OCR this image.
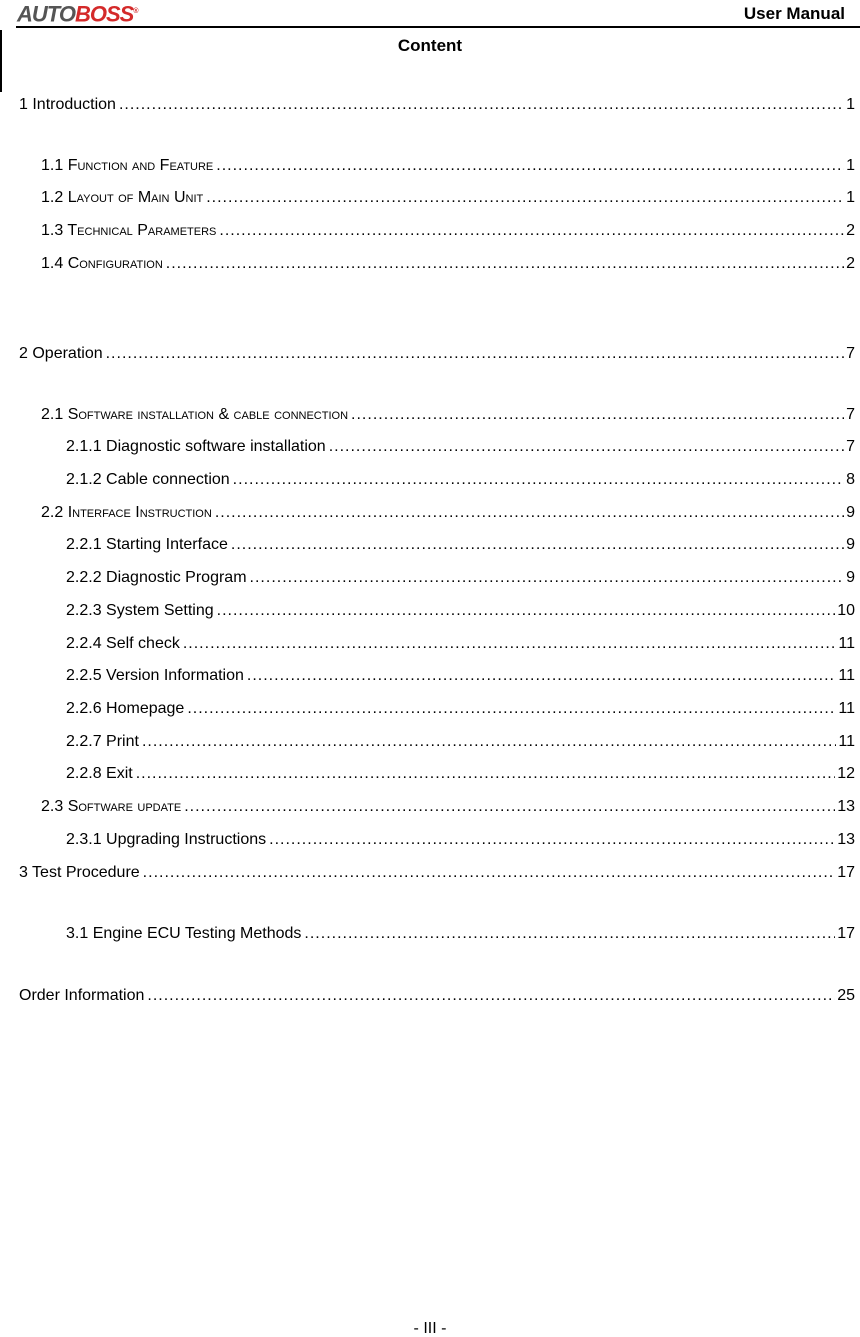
AUTOBOSS®	User Manual
Content
1 Introduction .....	1
1.1 Function and Feature .....	1
1.2 Layout of Main Unit .....	1
1.3 Technical Parameters .....	2
1.4 Configuration .....	2
2 Operation .....	7
2.1 Software installation & cable connection .....	7
2.1.1 Diagnostic software installation .....	7
2.1.2 Cable connection .....	8
2.2 Interface Instruction .....	9
2.2.1 Starting Interface .....	9
2.2.2 Diagnostic Program .....	9
2.2.3 System Setting .....	10
2.2.4 Self check .....	11
2.2.5 Version Information .....	11
2.2.6 Homepage .....	11
2.2.7 Print .....	11
2.2.8 Exit .....	12
2.3 Software update .....	13
2.3.1 Upgrading Instructions .....	13
3 Test Procedure .....	17
3.1 Engine ECU Testing Methods .....	17
Order Information .....	25
- III -
